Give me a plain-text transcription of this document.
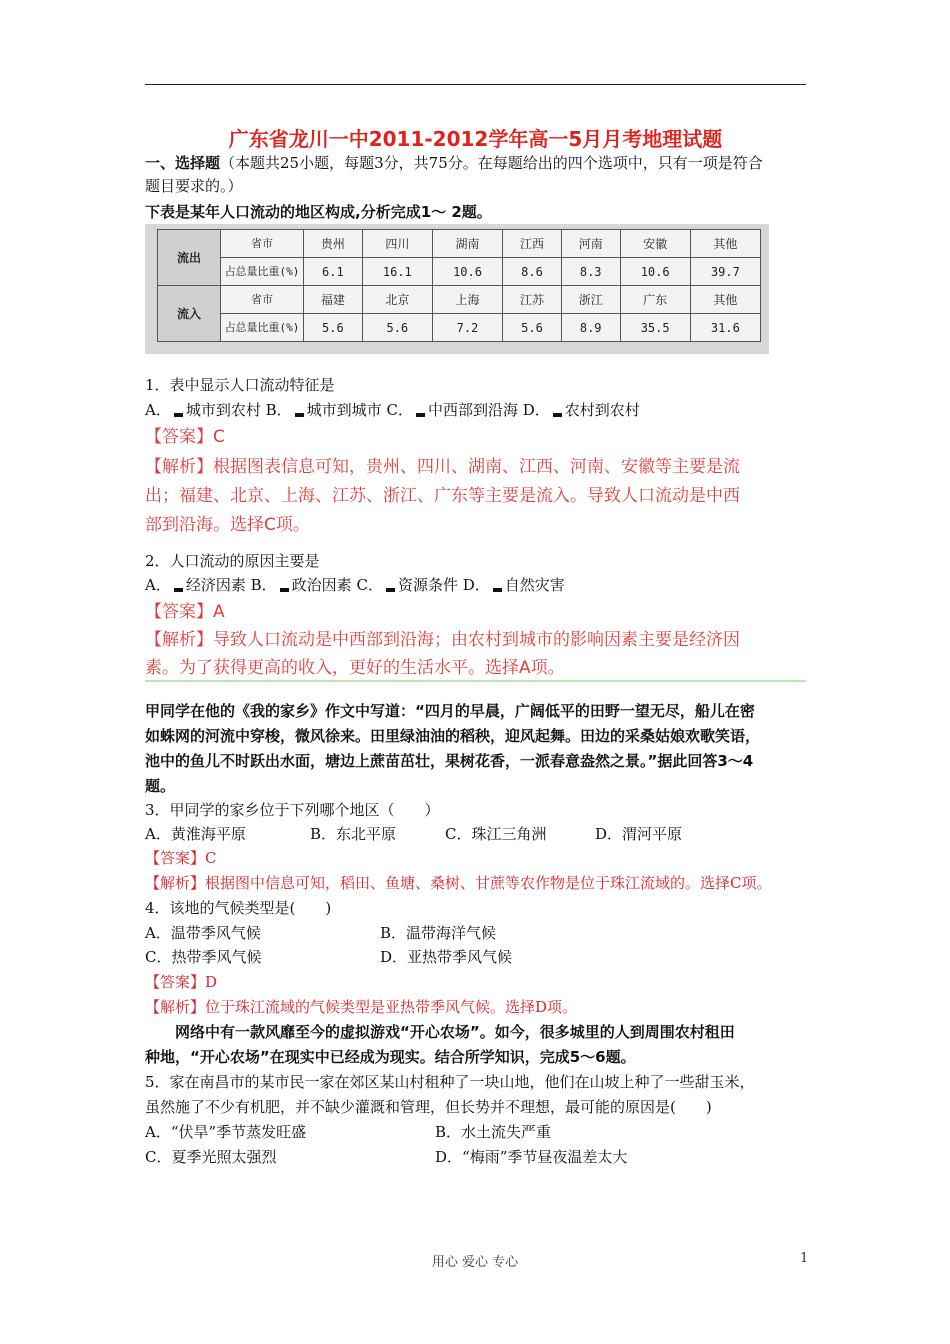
广东省龙川一中2011-2012学年高一5月月考地理试题
一、选择题（本题共25小题，每题3分，共75分。在每题给出的四个选项中，只有一项是符合
题目要求的。）
下表是某年人口流动的地区构成,分析完成1～ 2题。
流出	省市	贵州	四川	湖南	江西	河南	安徽	其他
	占总量比重(%)	6.1	16.1	10.6	8.6	8.3	10.6	39.7
流入	省市	福建	北京	上海	江苏	浙江	广东	其他
	占总量比重(%)	5.6	5.6	7.2	5.6	8.9	35.5	31.6
1．表中显示人口流动特征是
A． 城市到农村 B． 城市到城市 C． 中西部到沿海 D． 农村到农村
【答案】C
【解析】根据图表信息可知，贵州、四川、湖南、江西、河南、安徽等主要是流
出；福建、北京、上海、江苏、浙江、广东等主要是流入。导致人口流动是中西
部到沿海。选择C项。
2．人口流动的原因主要是
A． 经济因素 B． 政治因素 C． 资源条件 D． 自然灾害
【答案】A
【解析】导致人口流动是中西部到沿海；由农村到城市的影响因素主要是经济因
素。为了获得更高的收入，更好的生活水平。选择A项。
甲同学在他的《我的家乡》作文中写道：“四月的早晨，广阔低平的田野一望无尽，船儿在密
如蛛网的河流中穿梭，微风徐来。田里绿油油的稻秧，迎风起舞。田边的采桑姑娘欢歌笑语，
池中的鱼儿不时跃出水面，塘边上蔗苗茁壮，果树花香，一派春意盎然之景。”据此回答3～4
题。
3．甲同学的家乡位于下列哪个地区（　　）
A．黄淮海平原	B．东北平原	C．珠江三角洲	D．渭河平原
【答案】C
【解析】根据图中信息可知，稻田、鱼塘、桑树、甘蔗等农作物是位于珠江流域的。选择C项。
4．该地的气候类型是(　　)
A．温带季风气候	B．温带海洋气候
C．热带季风气候	D．亚热带季风气候
【答案】D
【解析】位于珠江流域的气候类型是亚热带季风气候。选择D项。
网络中有一款风靡至今的虚拟游戏“开心农场”。如今，很多城里的人到周围农村租田
种地，“开心农场”在现实中已经成为现实。结合所学知识，完成5～6题。
5．家在南昌市的某市民一家在郊区某山村租种了一块山地，他们在山坡上种了一些甜玉米，
虽然施了不少有机肥，并不缺少灌溉和管理，但长势并不理想，最可能的原因是(　　)
A．“伏旱”季节蒸发旺盛	B．水土流失严重
C．夏季光照太强烈	D．“梅雨”季节昼夜温差太大
用心 爱心 专心	1
